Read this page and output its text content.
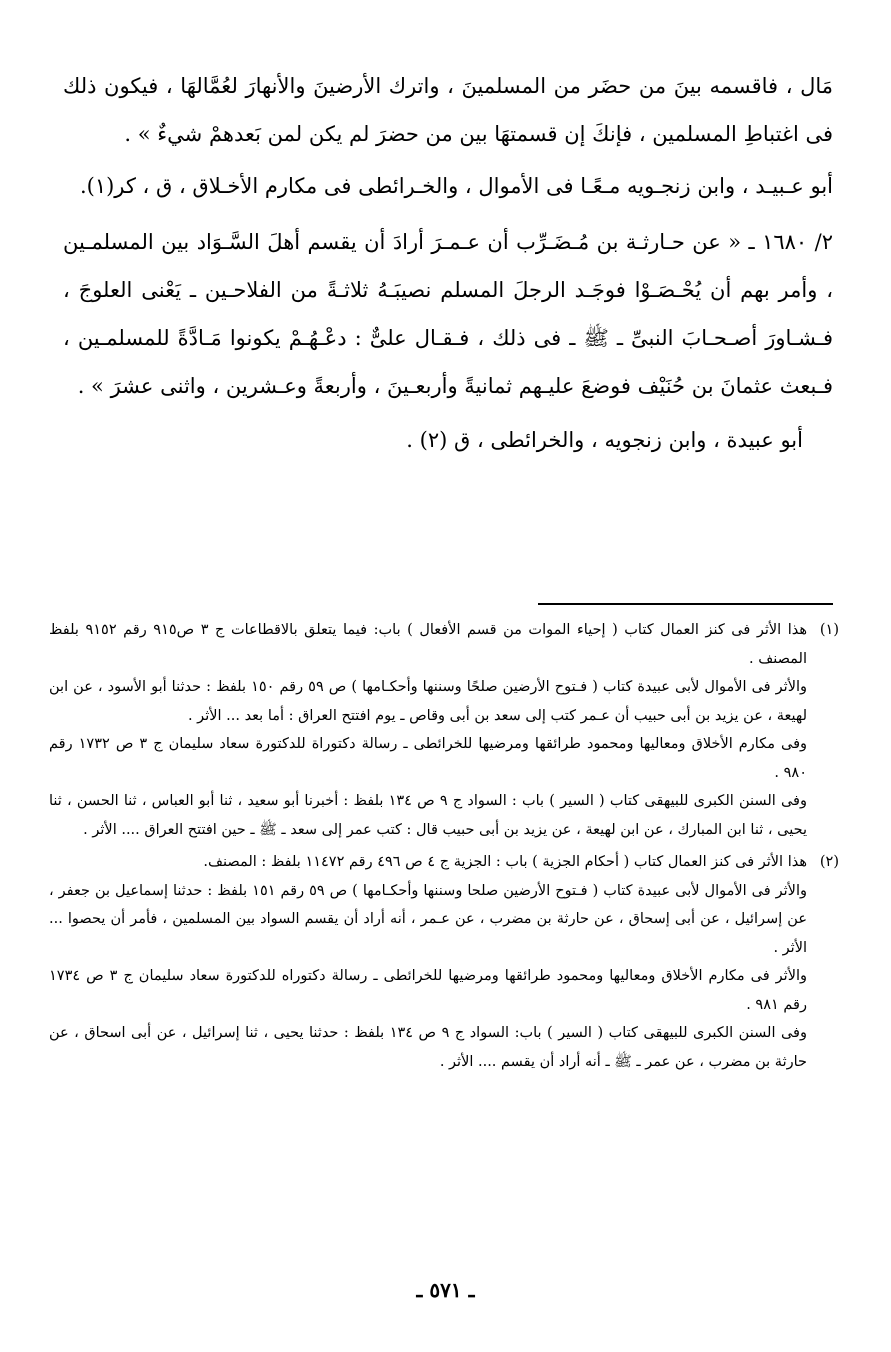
مَال ، فاقسمه بينَ من حضَر من المسلمينَ ، واترك الأرضينَ والأنهارَ لعُمَّالهَا ، فيكون ذلك فى اغتباطِ المسلمين ، فإنكَ إن قسمتهَا بين من حضرَ لم يكن لمن بَعدهمْ شيءٌ » .

أبو عـبيـد ، وابن زنجـويه مـعًـا فى الأموال ، والخـرائطى فى مكارم الأخـلاق ، ق ، كر(١).

٢/ ١٦٨٠ ـ « عن حـارثـة بن مُـضَـرِّب أن عـمـرَ أرادَ أن يقسم أهلَ السَّـوَاد بين المسلمـين ، وأمر بهم أن يُحْـصَـوْا فوجَـد الرجلَ المسلم نصيبَـهُ ثلاثـةً من الفلاحـين ـ يَعْنى العلوجَ ، فـشـاورَ أصـحـابَ النبىِّ ـ ﷺ ـ فى ذلك ، فـقـال علىٌّ : دعْـهُـمْ يكونوا مَـادَّةً للمسلمـين ، فـبعث عثمانَ بن حُنَيْف فوضعَ عليـهم ثمانيةً وأربعـينَ ، وأربعةً وعـشرين ، واثنى عشرَ » .

أبو عبيدة ، وابن زنجويه ، والخرائطى ، ق (٢) .

(١)هذا الأثر فى كنز العمال كتاب ( إحياء الموات من قسم الأفعال ) باب: فيما يتعلق بالاقطاعات ج ٣ ص٩١٥ رقم ٩١٥٢ بلفظ المصنف .

والأثر فى الأموال لأبى عبيدة كتاب ( فـتوح الأرضين صلحًا وسننها وأحكـامها ) ص ٥٩ رقم ١٥٠ بلفظ : حدثنا أبو الأسود ، عن ابن لهيعة ، عن يزيد بن أبى حبيب أن عـمر كتب إلى سعد بن أبى وقاص ـ يوم افتتح العراق : أما بعد ... الأثر .

وفى مكارم الأخلاق ومعاليها ومحمود طرائقها ومرضيها للخرائطى ـ رسالة دكتوراة للدكتورة سعاد سليمان ج ٣ ص ١٧٣٢ رقم ٩٨٠ .

وفى السنن الكبرى للبيهقى كتاب ( السير ) باب : السواد ج ٩ ص ١٣٤ بلفظ : أخبرنا أبو سعيد ، ثنا أبو العباس ، ثنا الحسن ، ثنا يحيى ، ثنا ابن المبارك ، عن ابن لهيعة ، عن يزيد بن أبى حبيب قال : كتب عمر إلى سعد ـ ﷺ ـ حين افتتح العراق .... الأثر .

(٢)هذا الأثر فى كنز العمال كتاب ( أحكام الجزية ) باب : الجزية ج ٤ ص ٤٩٦ رقم ١١٤٧٢ بلفظ : المصنف.

والأثر فى الأموال لأبى عبيدة كتاب ( فـتوح الأرضين صلحا وسننها وأحكـامها ) ص ٥٩ رقم ١٥١ بلفظ : حدثنا إسماعيل بن جعفر ، عن إسرائيل ، عن أبى إسحاق ، عن حارثة بن مضرب ، عن عـمر ، أنه أراد أن يقسم السواد بين المسلمين ، فأمر أن يحصوا ... الأثر .

والأثر فى مكارم الأخلاق ومعاليها ومحمود طرائقها ومرضيها للخرائطى ـ رسالة دكتوراه للدكتورة سعاد سليمان ج ٣ ص ١٧٣٤ رقم ٩٨١ .

وفى السنن الكبرى للبيهقى كتاب ( السير ) باب: السواد ج ٩ ص ١٣٤ بلفظ : حدثنا يحيى ، ثنا إسرائيل ، عن أبى اسحاق ، عن حارثة بن مضرب ، عن عمر ـ ﷺ ـ أنه أراد أن يقسم .... الأثر .

ـ ٥٧١ ـ
